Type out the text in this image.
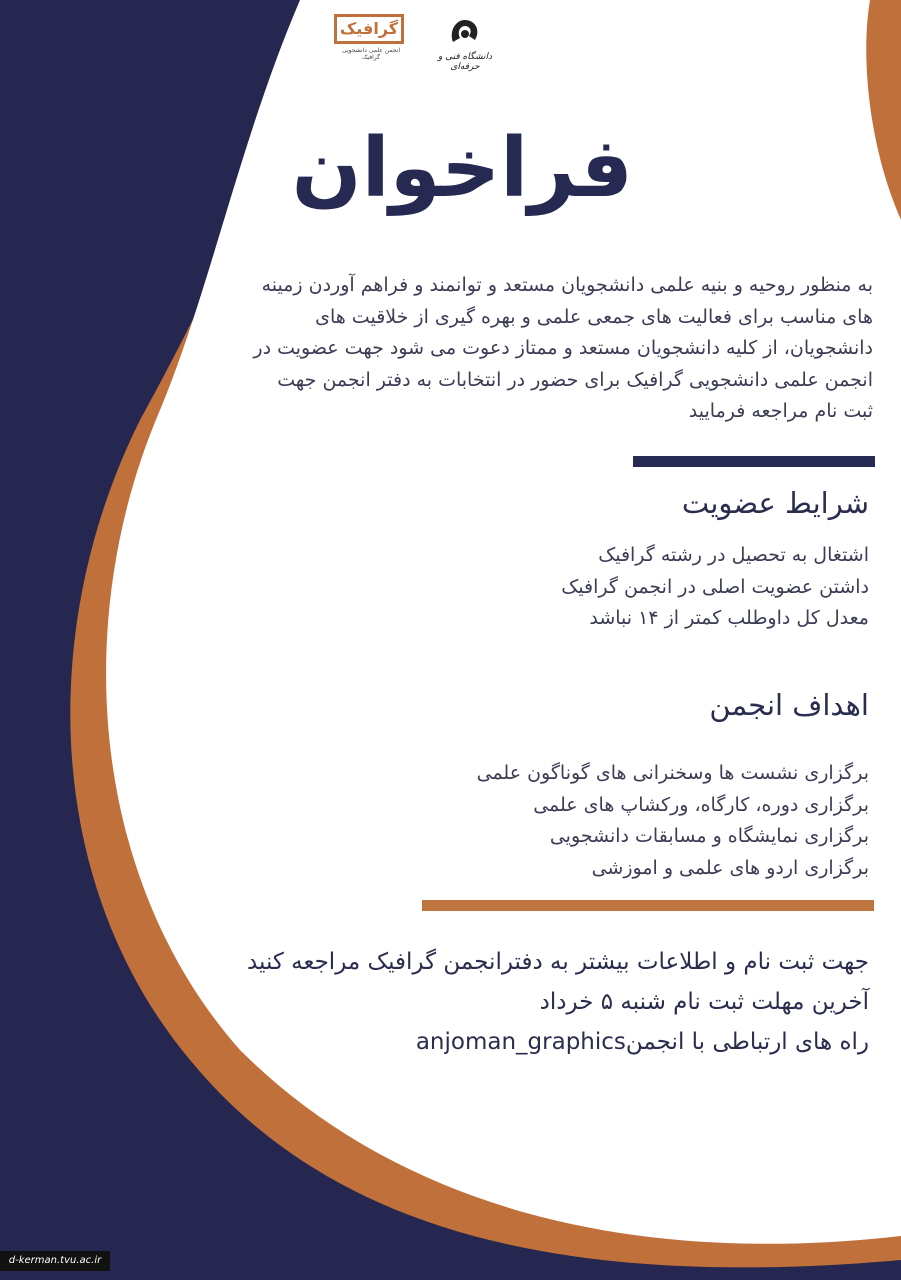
گرافیک
انجمن علمی دانشجویی گرافیک	دانشگاه فنی و حرفه‌ای
فراخوان

به منظور روحیه و بنیه علمی دانشجویان مستعد و توانمند و فراهم آوردن زمینه های مناسب برای فعالیت های جمعی علمی و بهره گیری از خلاقیت های دانشجویان، از کلیه دانشجویان مستعد و ممتاز دعوت می شود جهت عضویت در انجمن علمی دانشجویی گرافیک برای حضور در انتخابات به دفتر انجمن جهت ثبت نام مراجعه فرمایید

شرایط عضویت
اشتغال به تحصیل در رشته گرافیک
داشتن عضویت اصلی در انجمن گرافیک
معدل کل داوطلب کمتر از ۱۴ نباشد
اهداف انجمن
برگزاری نشست ها وسخنرانی های گوناگون علمی
برگزاری دوره، کارگاه، ورکشاپ های علمی
برگزاری نمایشگاه و مسابقات دانشجویی
برگزاری اردو های علمی و اموزشی

جهت ثبت نام و اطلاعات بیشتر به دفترانجمن گرافیک مراجعه کنید

آخرین مهلت ثبت نام شنبه ۵ خرداد

راه های ارتباطی با انجمنanjoman_graphics

d-kerman.tvu.ac.ir
